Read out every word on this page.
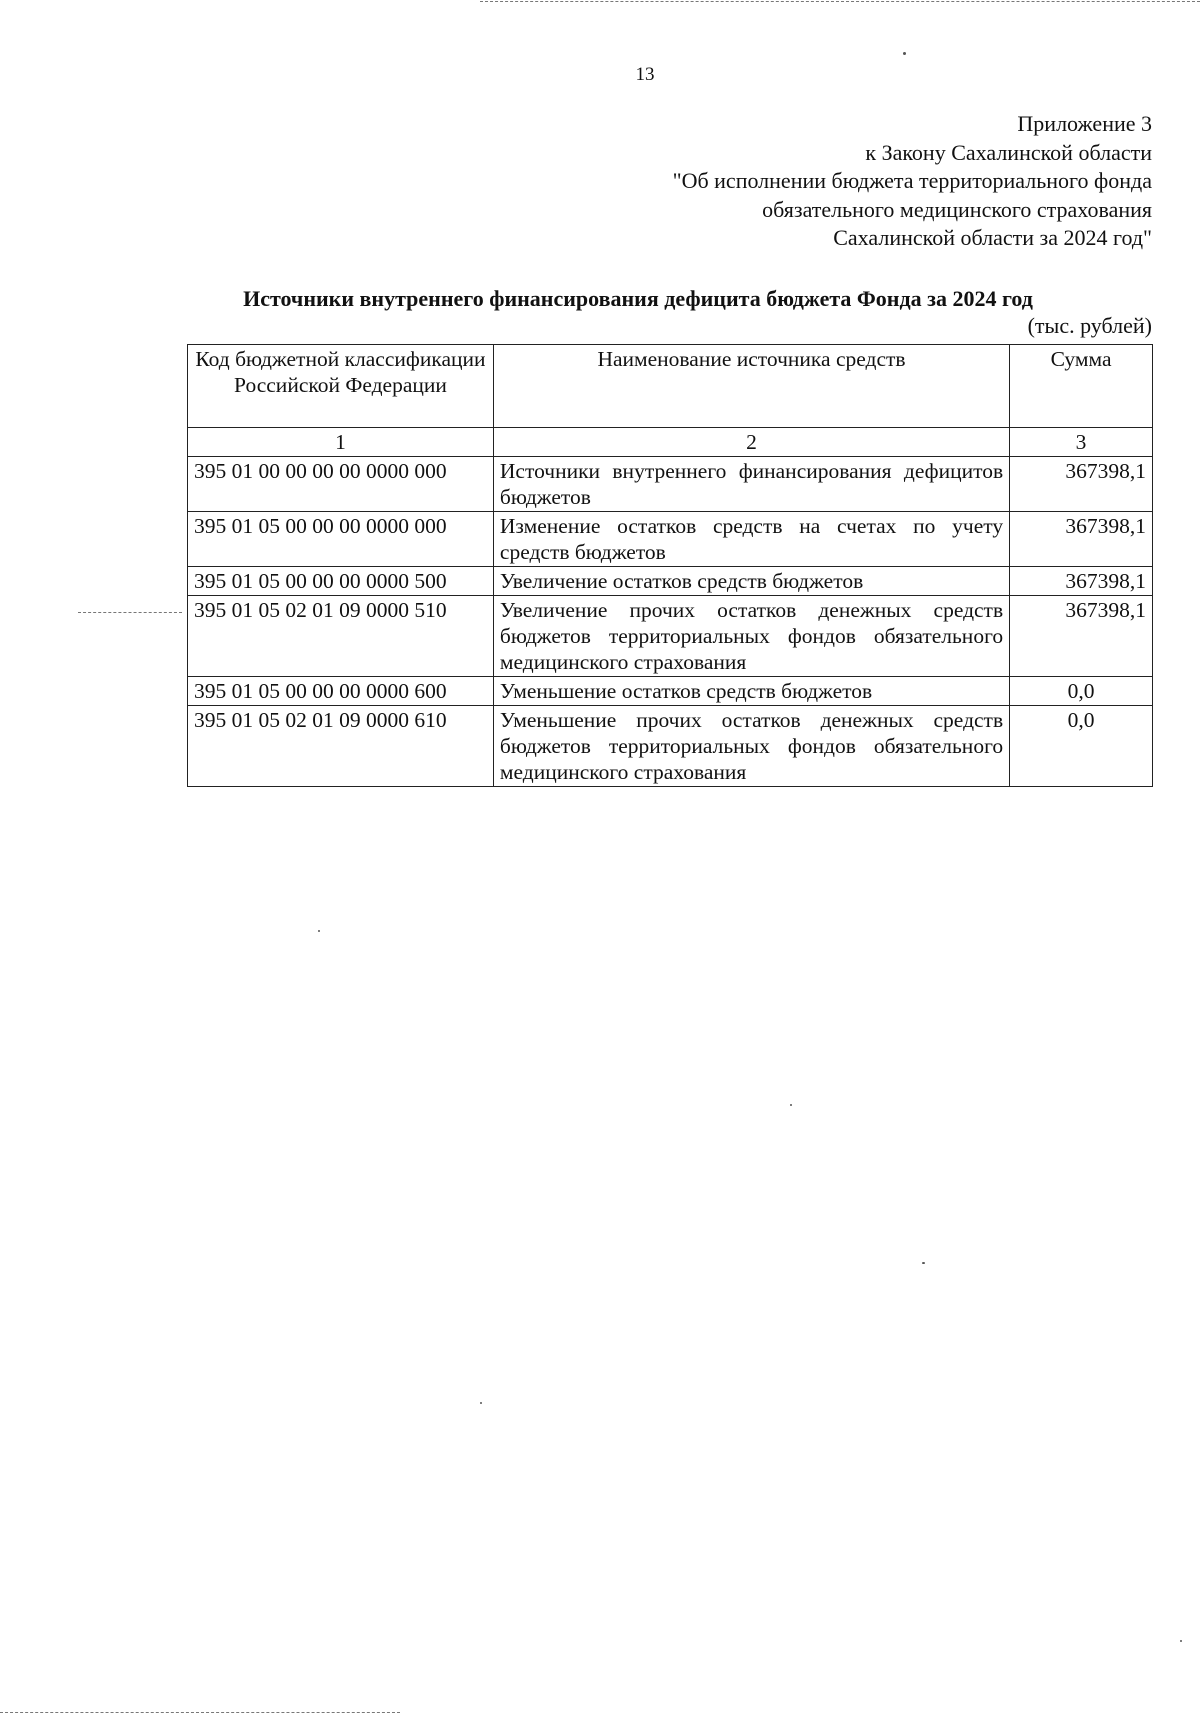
13
Приложение 3
к Закону Сахалинской области
"Об исполнении бюджета территориального фонда
обязательного медицинского страхования
Сахалинской области за 2024 год"
Источники внутреннего финансирования дефицита бюджета Фонда за 2024 год
(тыс. рублей)
Код бюджетной классификации Российской Федерации	Наименование источника средств	Сумма
1	2	3
395 01 00 00 00 00 0000 000	Источники внутреннего финансирования дефицитов бюджетов	367398,1
395 01 05 00 00 00 0000 000	Изменение остатков средств на счетах по учету средств бюджетов	367398,1
395 01 05 00 00 00 0000 500	Увеличение остатков средств бюджетов	367398,1
395 01 05 02 01 09 0000 510	Увеличение прочих остатков денежных средств бюджетов территориальных фондов обязательного медицинского страхования	367398,1
395 01 05 00 00 00 0000 600	Уменьшение остатков средств бюджетов	0,0
395 01 05 02 01 09 0000 610	Уменьшение прочих остатков денежных средств бюджетов территориальных фондов обязательного медицинского страхования	0,0
